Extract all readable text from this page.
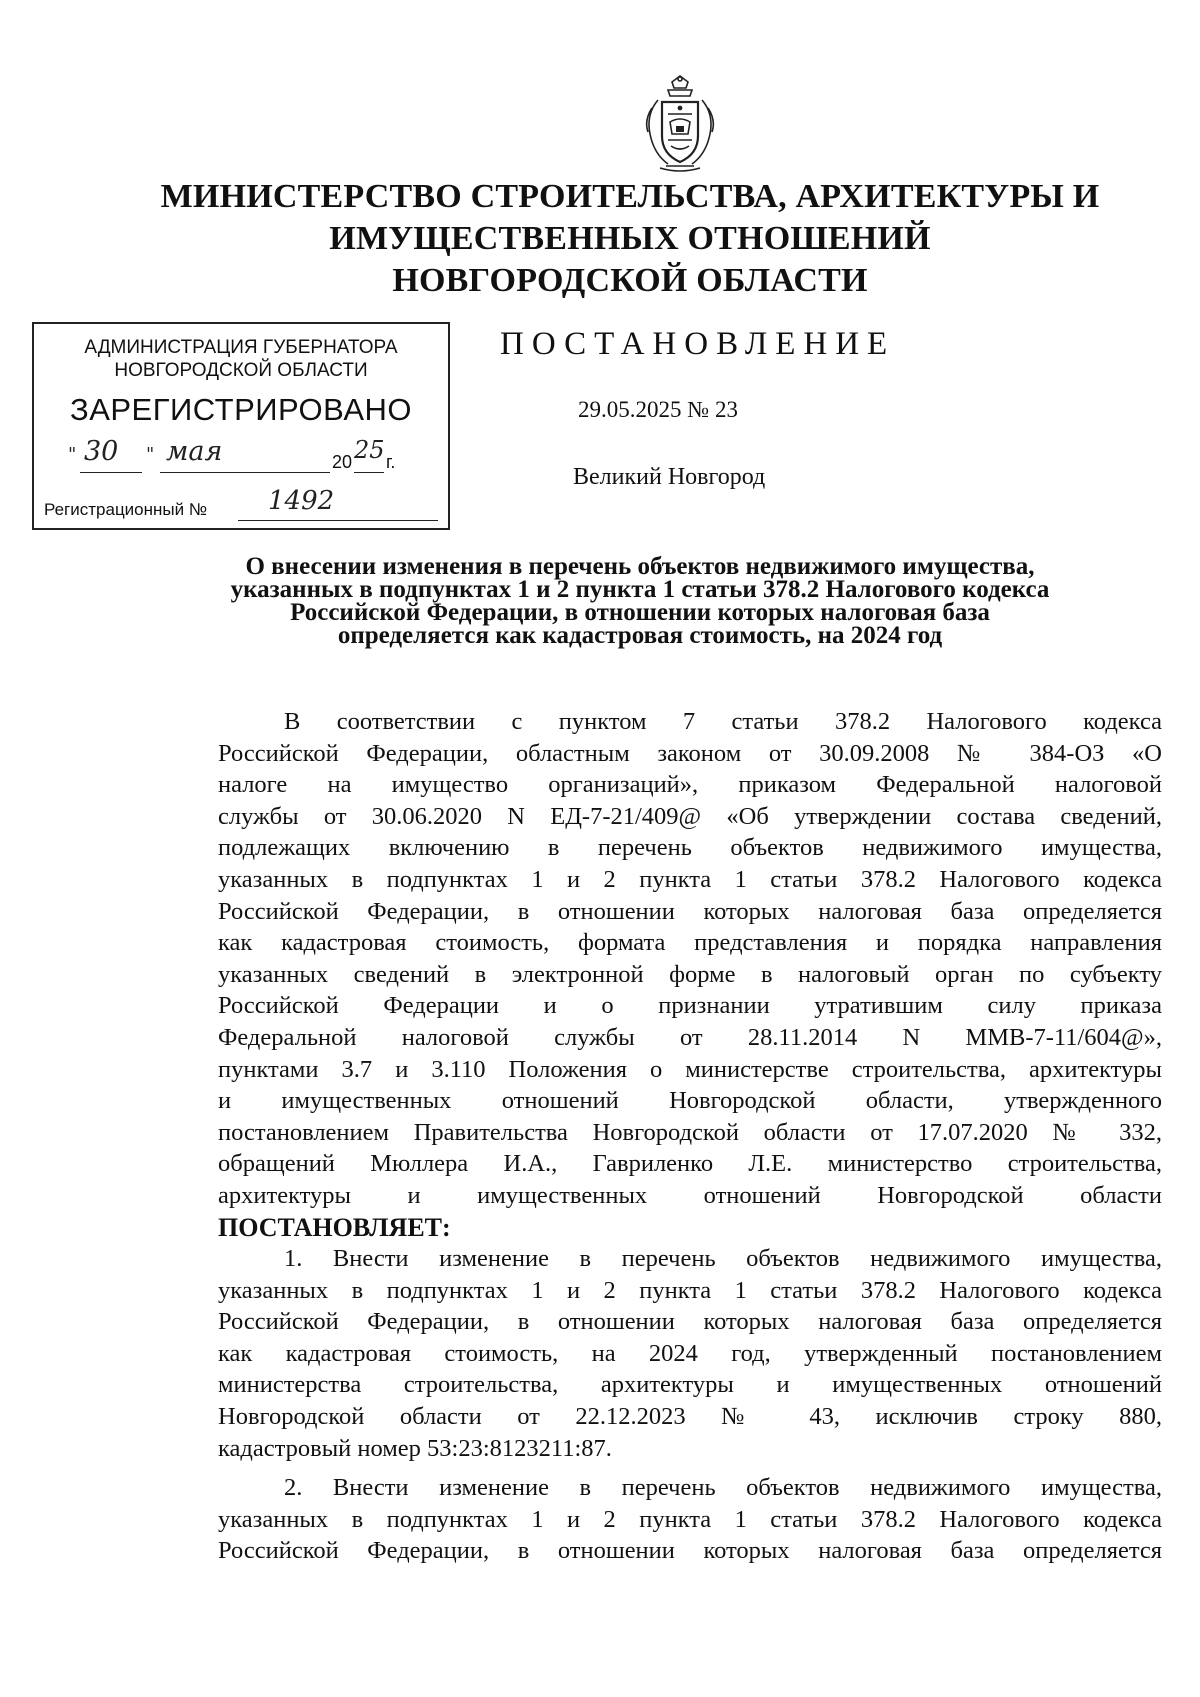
МИНИСТЕРСТВО СТРОИТЕЛЬСТВА, АРХИТЕКТУРЫ И
ИМУЩЕСТВЕННЫХ ОТНОШЕНИЙ
НОВГОРОДСКОЙ ОБЛАСТИ
АДМИНИСТРАЦИЯ ГУБЕРНАТОРА
НОВГОРОДСКОЙ ОБЛАСТИ
ЗАРЕГИСТРИРОВАНО
" 30 " мая	20 25 г.
Регистрационный № 1492
ПОСТАНОВЛЕНИЕ
29.05.2025 № 23
Великий Новгород
О внесении изменения в перечень объектов недвижимого имущества,
указанных в подпунктах 1 и 2 пункта 1 статьи 378.2 Налогового кодекса
Российской Федерации, в отношении которых налоговая база
определяется как кадастровая стоимость, на 2024 год
В соответствии с пунктом 7 статьи 378.2 Налогового кодекса
Российской Федерации, областным законом от 30.09.2008 № 384-ОЗ «О
налоге на имущество организаций», приказом Федеральной налоговой
службы от 30.06.2020 N ЕД-7-21/409@ «Об утверждении состава сведений,
подлежащих включению в перечень объектов недвижимого имущества,
указанных в подпунктах 1 и 2 пункта 1 статьи 378.2 Налогового кодекса
Российской Федерации, в отношении которых налоговая база определяется
как кадастровая стоимость, формата представления и порядка направления
указанных сведений в электронной форме в налоговый орган по субъекту
Российской Федерации и о признании утратившим силу приказа
Федеральной налоговой службы от 28.11.2014 N ММВ-7-11/604@»,
пунктами 3.7 и 3.110 Положения о министерстве строительства, архитектуры
и имущественных отношений Новгородской области, утвержденного
постановлением Правительства Новгородской области от 17.07.2020 № 332,
обращений Мюллера И.А., Гавриленко Л.Е. министерство строительства,
архитектуры и имущественных отношений Новгородской области
ПОСТАНОВЛЯЕТ:
1. Внести изменение в перечень объектов недвижимого имущества,
указанных в подпунктах 1 и 2 пункта 1 статьи 378.2 Налогового кодекса
Российской Федерации, в отношении которых налоговая база определяется
как кадастровая стоимость, на 2024 год, утвержденный постановлением
министерства строительства, архитектуры и имущественных отношений
Новгородской области от 22.12.2023 № 43, исключив строку 880,
кадастровый номер 53:23:8123211:87.
2. Внести изменение в перечень объектов недвижимого имущества,
указанных в подпунктах 1 и 2 пункта 1 статьи 378.2 Налогового кодекса
Российской Федерации, в отношении которых налоговая база определяется
